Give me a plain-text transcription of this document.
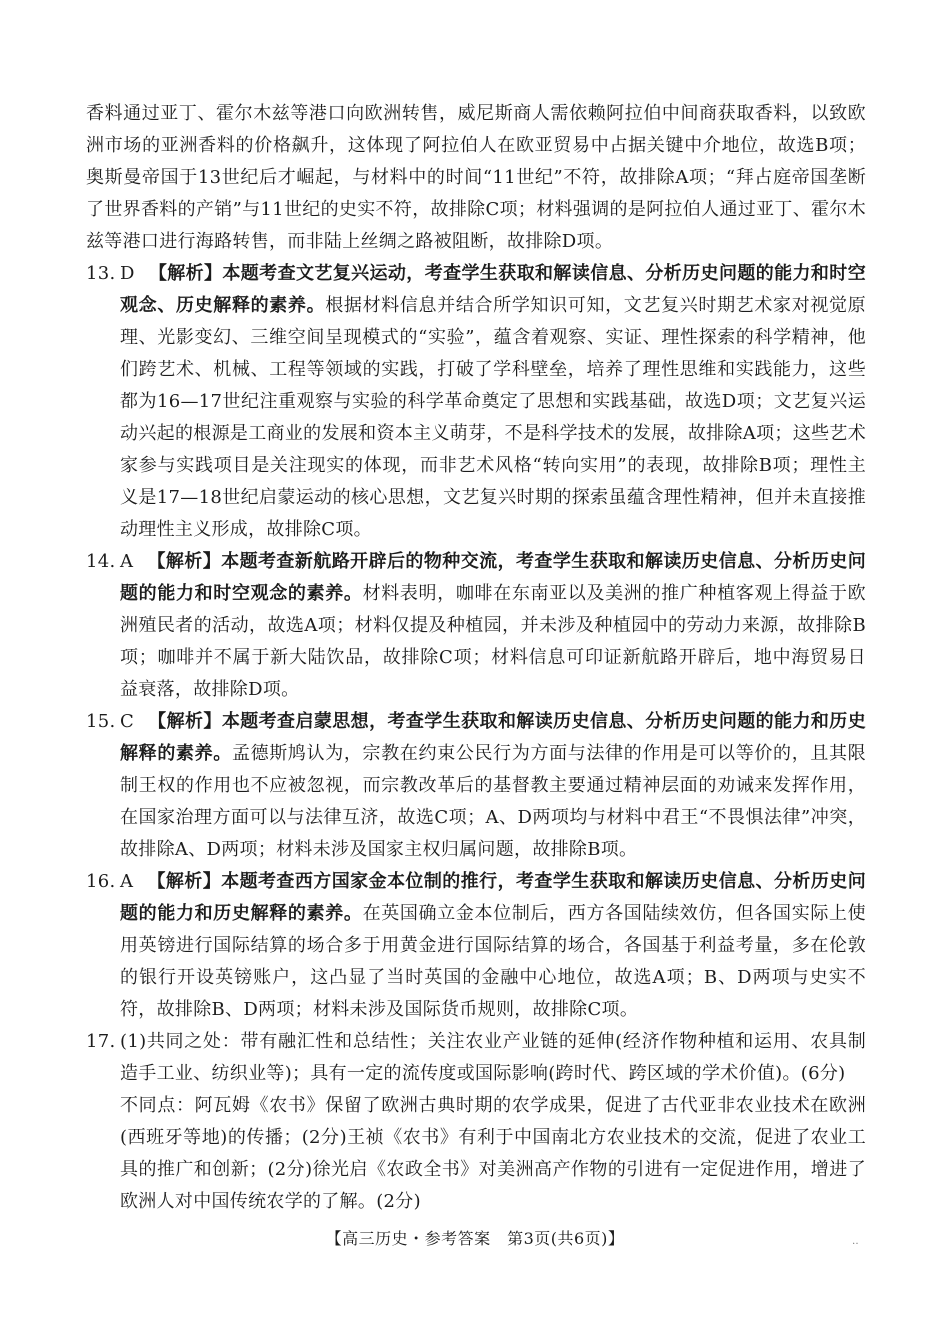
香料通过亚丁、霍尔木兹等港口向欧洲转售，威尼斯商人需依赖阿拉伯中间商获取香料，以致欧洲市场的亚洲香料的价格飙升，这体现了阿拉伯人在欧亚贸易中占据关键中介地位，故选B项；奥斯曼帝国于13世纪后才崛起，与材料中的时间“11世纪”不符，故排除A项；“拜占庭帝国垄断了世界香料的产销”与11世纪的史实不符，故排除C项；材料强调的是阿拉伯人通过亚丁、霍尔木兹等港口进行海路转售，而非陆上丝绸之路被阻断，故排除D项。

13. D 【解析】本题考查文艺复兴运动，考查学生获取和解读信息、分析历史问题的能力和时空观念、历史解释的素养。根据材料信息并结合所学知识可知，文艺复兴时期艺术家对视觉原理、光影变幻、三维空间呈现模式的“实验”，蕴含着观察、实证、理性探索的科学精神，他们跨艺术、机械、工程等领域的实践，打破了学科壁垒，培养了理性思维和实践能力，这些都为16—17世纪注重观察与实验的科学革命奠定了思想和实践基础，故选D项；文艺复兴运动兴起的根源是工商业的发展和资本主义萌芽，不是科学技术的发展，故排除A项；这些艺术家参与实践项目是关注现实的体现，而非艺术风格“转向实用”的表现，故排除B项；理性主义是17—18世纪启蒙运动的核心思想，文艺复兴时期的探索虽蕴含理性精神，但并未直接推动理性主义形成，故排除C项。
14. A 【解析】本题考查新航路开辟后的物种交流，考查学生获取和解读历史信息、分析历史问题的能力和时空观念的素养。材料表明，咖啡在东南亚以及美洲的推广种植客观上得益于欧洲殖民者的活动，故选A项；材料仅提及种植园，并未涉及种植园中的劳动力来源，故排除B项；咖啡并不属于新大陆饮品，故排除C项；材料信息可印证新航路开辟后，地中海贸易日益衰落，故排除D项。
15. C 【解析】本题考查启蒙思想，考查学生获取和解读历史信息、分析历史问题的能力和历史解释的素养。孟德斯鸠认为，宗教在约束公民行为方面与法律的作用是可以等价的，且其限制王权的作用也不应被忽视，而宗教改革后的基督教主要通过精神层面的劝诫来发挥作用，在国家治理方面可以与法律互济，故选C项；A、D两项均与材料中君王“不畏惧法律”冲突，故排除A、D两项；材料未涉及国家主权归属问题，故排除B项。
16. A 【解析】本题考查西方国家金本位制的推行，考查学生获取和解读历史信息、分析历史问题的能力和历史解释的素养。在英国确立金本位制后，西方各国陆续效仿，但各国实际上使用英镑进行国际结算的场合多于用黄金进行国际结算的场合，各国基于利益考量，多在伦敦的银行开设英镑账户，这凸显了当时英国的金融中心地位，故选A项；B、D两项与史实不符，故排除B、D两项；材料未涉及国际货币规则，故排除C项。
17. (1)共同之处：带有融汇性和总结性；关注农业产业链的延伸(经济作物种植和运用、农具制造手工业、纺织业等)；具有一定的流传度或国际影响(跨时代、跨区域的学术价值)。(6分)

不同点：阿瓦姆《农书》保留了欧洲古典时期的农学成果，促进了古代亚非农业技术在欧洲(西班牙等地)的传播；(2分)王祯《农书》有利于中国南北方农业技术的交流，促进了农业工具的推广和创新；(2分)徐光启《农政全书》对美洲高产作物的引进有一定促进作用，增进了欧洲人对中国传统农学的了解。(2分)

【高三历史・参考答案　第3页(共6页)】	‥
